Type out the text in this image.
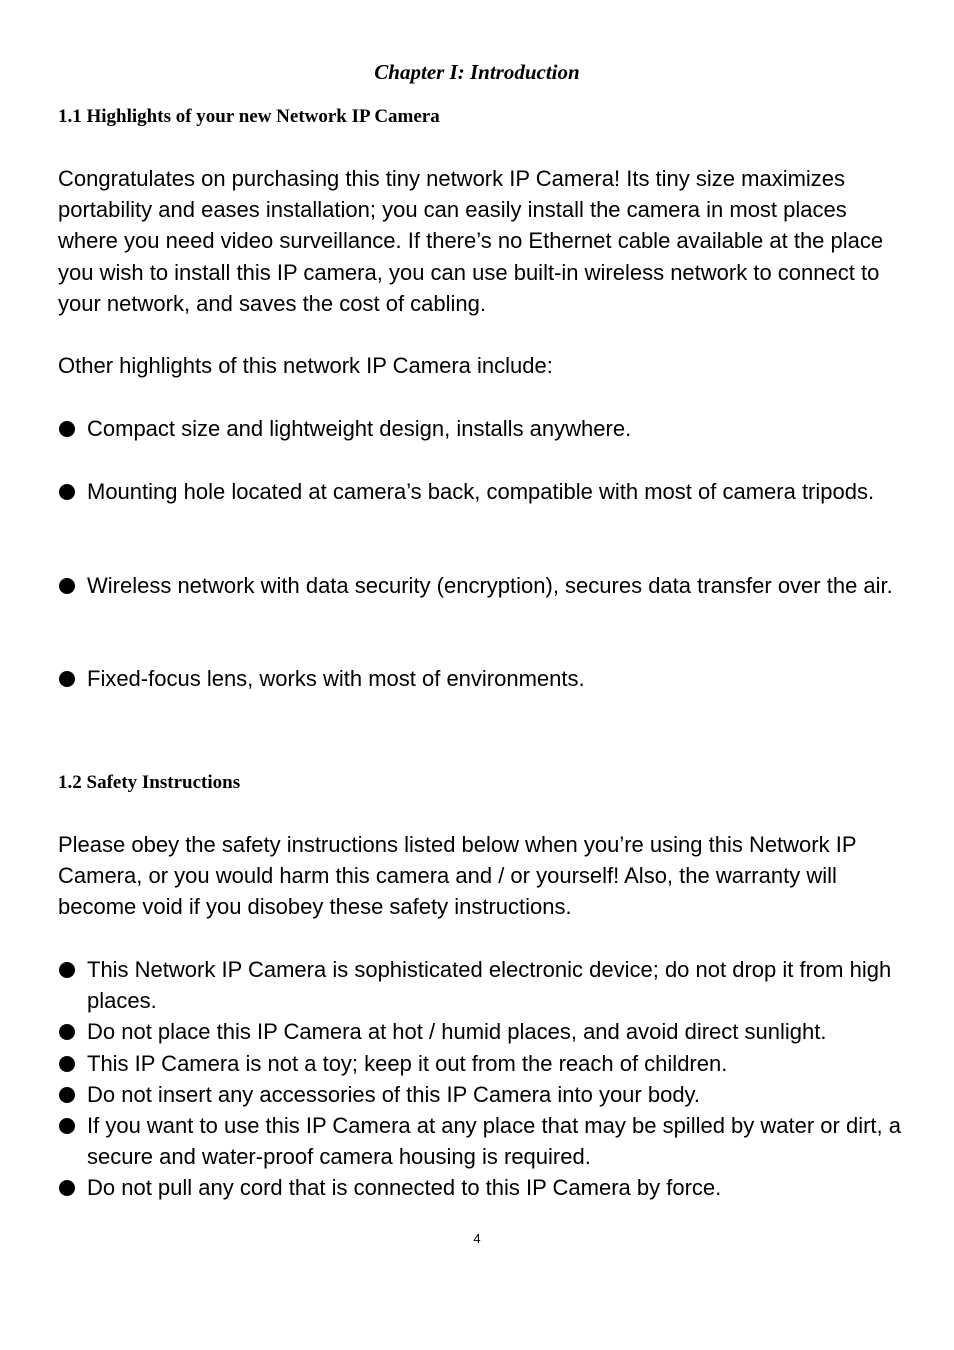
Chapter I: Introduction
1.1 Highlights of your new Network IP Camera

Congratulates on purchasing this tiny network IP Camera! Its tiny size maximizes portability and eases installation; you can easily install the camera in most places where you need video surveillance. If there’s no Ethernet cable available at the place you wish to install this IP camera, you can use built-in wireless network to connect to your network, and saves the cost of cabling.

Other highlights of this network IP Camera include:

Compact size and lightweight design, installs anywhere.
Mounting hole located at camera’s back, compatible with most of camera tripods.
Wireless network with data security (encryption), secures data transfer over the air.
Fixed-focus lens, works with most of environments.
1.2 Safety Instructions

Please obey the safety instructions listed below when you’re using this Network IP Camera, or you would harm this camera and / or yourself! Also, the warranty will become void if you disobey these safety instructions.

This Network IP Camera is sophisticated electronic device; do not drop it from high places.
Do not place this IP Camera at hot / humid places, and avoid direct sunlight.
This IP Camera is not a toy; keep it out from the reach of children.
Do not insert any accessories of this IP Camera into your body.
If you want to use this IP Camera at any place that may be spilled by water or dirt, a secure and water-proof camera housing is required.
Do not pull any cord that is connected to this IP Camera by force.
4
